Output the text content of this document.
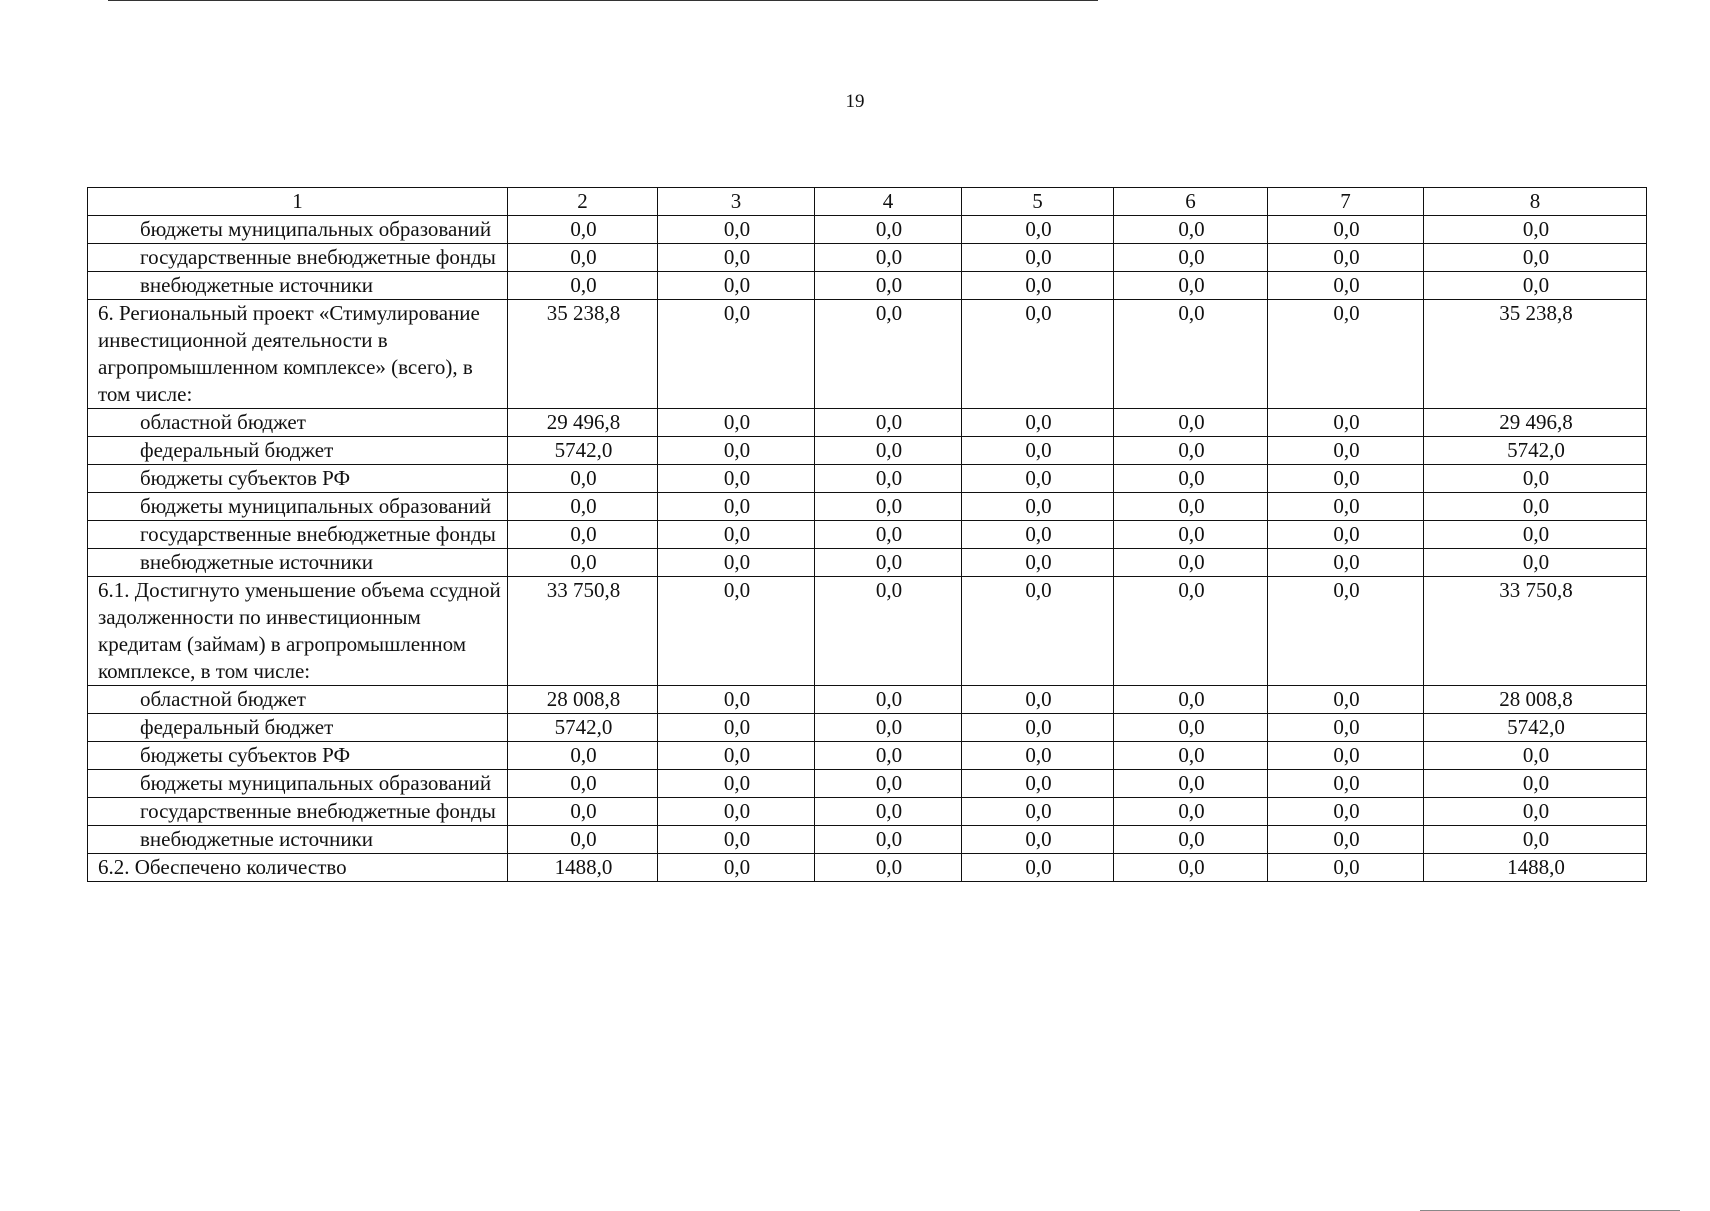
19
1	2	3	4	5	6	7	8
бюджеты муниципальных образований	0,0	0,0	0,0	0,0	0,0	0,0	0,0
государственные внебюджетные фонды	0,0	0,0	0,0	0,0	0,0	0,0	0,0
внебюджетные источники	0,0	0,0	0,0	0,0	0,0	0,0	0,0
6. Региональный проект «Стимулирование инвестиционной деятельности в агропромышленном комплексе» (всего), в том числе:	35 238,8	0,0	0,0	0,0	0,0	0,0	35 238,8
областной бюджет	29 496,8	0,0	0,0	0,0	0,0	0,0	29 496,8
федеральный бюджет	5742,0	0,0	0,0	0,0	0,0	0,0	5742,0
бюджеты субъектов РФ	0,0	0,0	0,0	0,0	0,0	0,0	0,0
бюджеты муниципальных образований	0,0	0,0	0,0	0,0	0,0	0,0	0,0
государственные внебюджетные фонды	0,0	0,0	0,0	0,0	0,0	0,0	0,0
внебюджетные источники	0,0	0,0	0,0	0,0	0,0	0,0	0,0
6.1. Достигнуто уменьшение объема ссудной задолженности по инвестиционным кредитам (займам) в агропромышленном комплексе, в том числе:	33 750,8	0,0	0,0	0,0	0,0	0,0	33 750,8
областной бюджет	28 008,8	0,0	0,0	0,0	0,0	0,0	28 008,8
федеральный бюджет	5742,0	0,0	0,0	0,0	0,0	0,0	5742,0
бюджеты субъектов РФ	0,0	0,0	0,0	0,0	0,0	0,0	0,0
бюджеты муниципальных образований	0,0	0,0	0,0	0,0	0,0	0,0	0,0
государственные внебюджетные фонды	0,0	0,0	0,0	0,0	0,0	0,0	0,0
внебюджетные источники	0,0	0,0	0,0	0,0	0,0	0,0	0,0
6.2. Обеспечено количество	1488,0	0,0	0,0	0,0	0,0	0,0	1488,0
